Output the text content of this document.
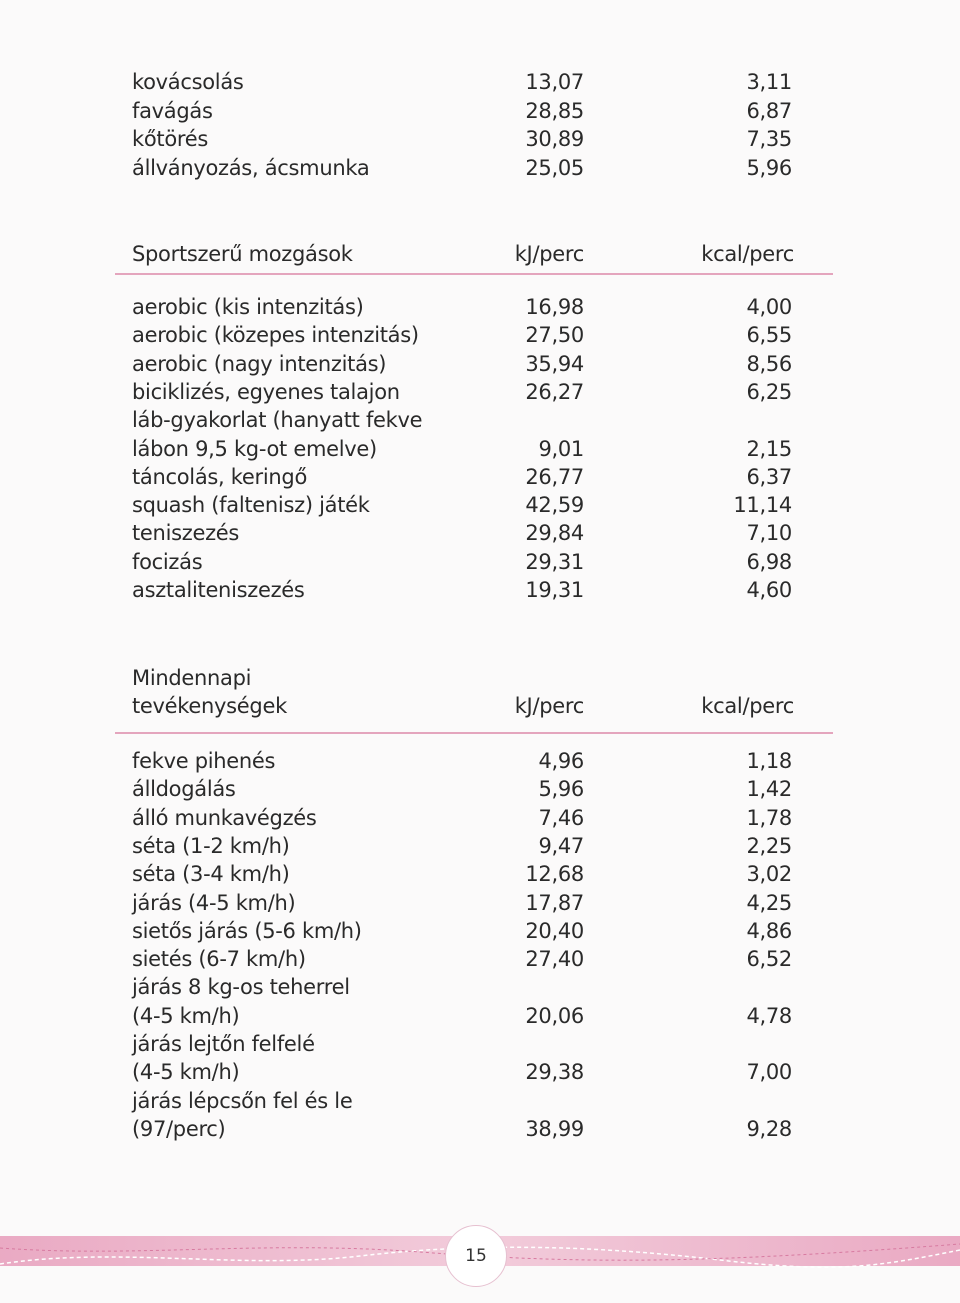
kovácsolás	13,07	3,11
favágás	28,85	6,87
kőtörés	30,89	7,35
állványozás, ácsmunka	25,05	5,96
Sportszerű mozgások	kJ/perc	kcal/perc
aerobic (kis intenzitás)	16,98	4,00
aerobic (közepes intenzitás)	27,50	6,55
aerobic (nagy intenzitás)	35,94	8,56
biciklizés, egyenes talajon	26,27	6,25
láb-gyakorlat (hanyatt fekve
lábon 9,5 kg-ot emelve)	9,01	2,15
táncolás, keringő	26,77	6,37
squash (faltenisz) játék	42,59	11,14
teniszezés	29,84	7,10
focizás	29,31	6,98
asztaliteniszezés	19,31	4,60
Mindennapi
tevékenységek	kJ/perc	kcal/perc
fekve pihenés	4,96	1,18
álldogálás	5,96	1,42
álló munkavégzés	7,46	1,78
séta (1-2 km/h)	9,47	2,25
séta (3-4 km/h)	12,68	3,02
járás (4-5 km/h)	17,87	4,25
sietős járás (5-6 km/h)	20,40	4,86
sietés (6-7 km/h)	27,40	6,52
járás 8 kg-os teherrel
(4-5 km/h)	20,06	4,78
járás lejtőn felfelé
(4-5 km/h)	29,38	7,00
járás lépcsőn fel és le
(97/perc)	38,99	9,28
15
